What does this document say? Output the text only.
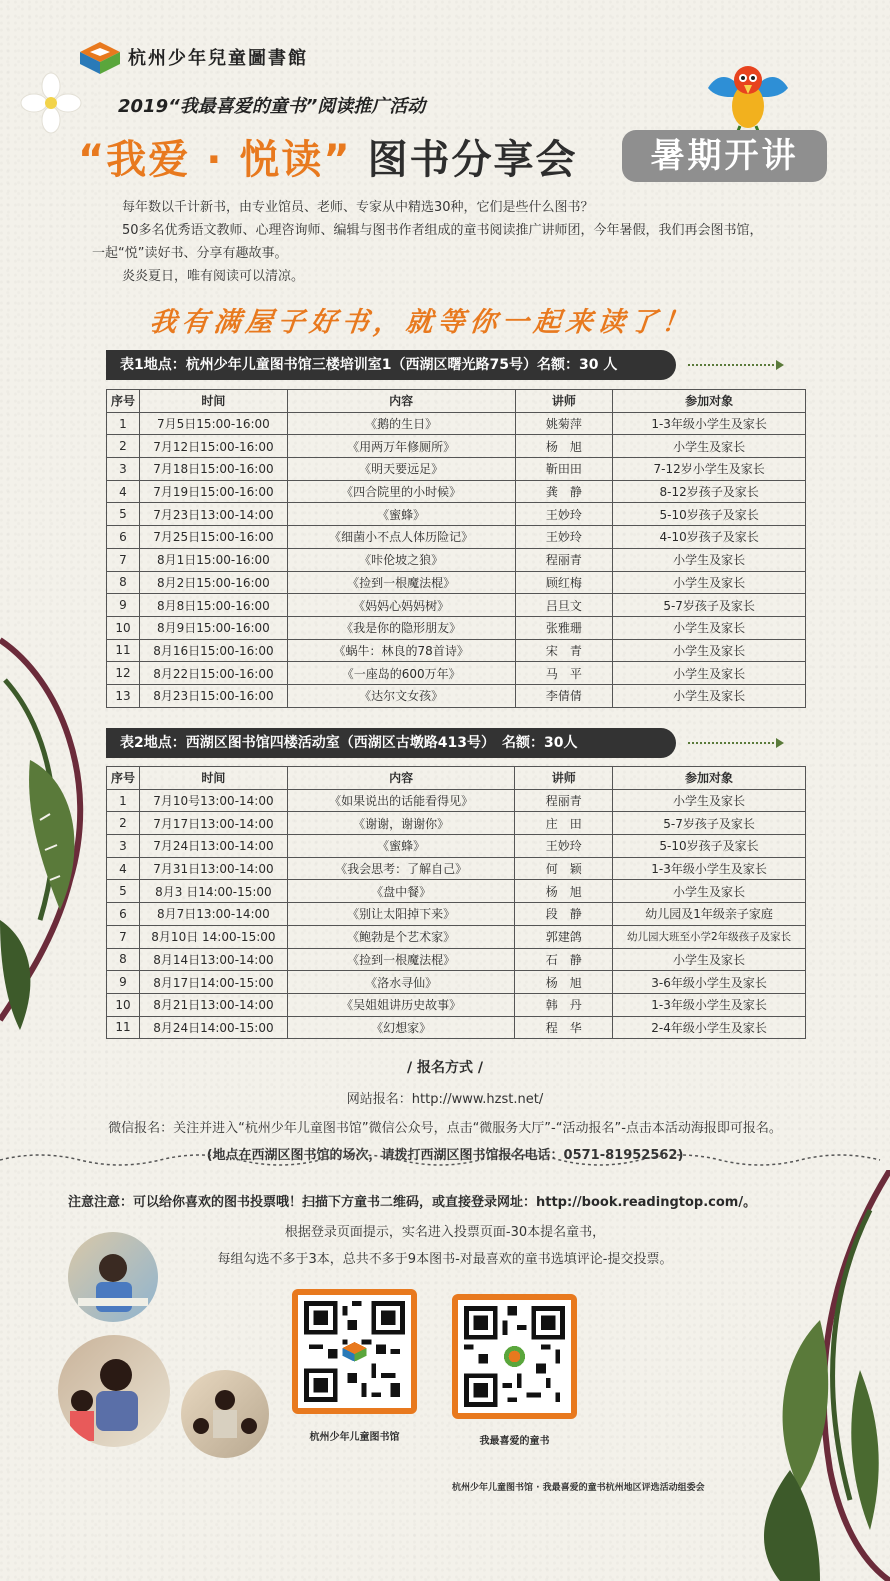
杭州少年兒童圖書館
2019“我最喜爱的童书”阅读推广活动
“我爱 · 悦读” 图书分享会	暑期开讲
每年数以千计新书，由专业馆员、老师、专家从中精选30种，它们是些什么图书？
50多名优秀语文教师、心理咨询师、编辑与图书作者组成的童书阅读推广讲师团，今年暑假，我们再会图书馆，
一起“悦”读好书、分享有趣故事。
炎炎夏日，唯有阅读可以清凉。
我有满屋子好书，就等你一起来读了！
表1地点：杭州少年儿童图书馆三楼培训室1（西湖区曙光路75号）名额：30 人
序号	时间	内容	讲师	参加对象
1	7月5日15:00-16:00	《鹅的生日》	姚菊萍	1-3年级小学生及家长
2	7月12日15:00-16:00	《用两万年修厕所》	杨　旭	小学生及家长
3	7月18日15:00-16:00	《明天要远足》	靳田田	7-12岁小学生及家长
4	7月19日15:00-16:00	《四合院里的小时候》	龚　静	8-12岁孩子及家长
5	7月23日13:00-14:00	《蜜蜂》	王妙玲	5-10岁孩子及家长
6	7月25日15:00-16:00	《细菌小不点人体历险记》	王妙玲	4-10岁孩子及家长
7	8月1日15:00-16:00	《咔伦坡之狼》	程丽青	小学生及家长
8	8月2日15:00-16:00	《捡到一根魔法棍》	顾红梅	小学生及家长
9	8月8日15:00-16:00	《妈妈心妈妈树》	吕旦文	5-7岁孩子及家长
10	8月9日15:00-16:00	《我是你的隐形朋友》	张雅珊	小学生及家长
11	8月16日15:00-16:00	《蜗牛：林良的78首诗》	宋　青	小学生及家长
12	8月22日15:00-16:00	《一座岛的600万年》	马　平	小学生及家长
13	8月23日15:00-16:00	《达尔文女孩》	李倩倩	小学生及家长
表2地点：西湖区图书馆四楼活动室（西湖区古墩路413号）　名额：30人
序号	时间	内容	讲师	参加对象
1	7月10号13:00-14:00	《如果说出的话能看得见》	程丽青	小学生及家长
2	7月17日13:00-14:00	《谢谢，谢谢你》	庄　田	5-7岁孩子及家长
3	7月24日13:00-14:00	《蜜蜂》	王妙玲	5-10岁孩子及家长
4	7月31日13:00-14:00	《我会思考：了解自己》	何　颖	1-3年级小学生及家长
5	8月3 日14:00-15:00	《盘中餐》	杨　旭	小学生及家长
6	8月7日13:00-14:00	《别让太阳掉下来》	段　静	幼儿园及1年级亲子家庭
7	8月10日 14:00-15:00	《鲍勃是个艺术家》	郭建鸽	幼儿园大班至小学2年级孩子及家长
8	8月14日13:00-14:00	《捡到一根魔法棍》	石　静	小学生及家长
9	8月17日14:00-15:00	《洛水寻仙》	杨　旭	3-6年级小学生及家长
10	8月21日13:00-14:00	《吴姐姐讲历史故事》	韩　丹	1-3年级小学生及家长
11	8月24日14:00-15:00	《幻想家》	程　华	2-4年级小学生及家长
/ 报名方式 /
网站报名：http://www.hzst.net/
微信报名：关注并进入“杭州少年儿童图书馆”微信公众号，点击“微服务大厅”-“活动报名”-点击本活动海报即可报名。
(地点在西湖区图书馆的场次，请拨打西湖区图书馆报名电话：0571-81952562)
注意注意：可以给你喜欢的图书投票哦！扫描下方童书二维码，或直接登录网址：http://book.readingtop.com/。
根据登录页面提示，实名进入投票页面-30本提名童书，
每组勾选不多于3本，总共不多于9本图书-对最喜欢的童书选填评论-提交投票。
杭州少年儿童图书馆	我最喜爱的童书
杭州少年儿童图书馆 · 我最喜爱的童书杭州地区评选活动组委会
